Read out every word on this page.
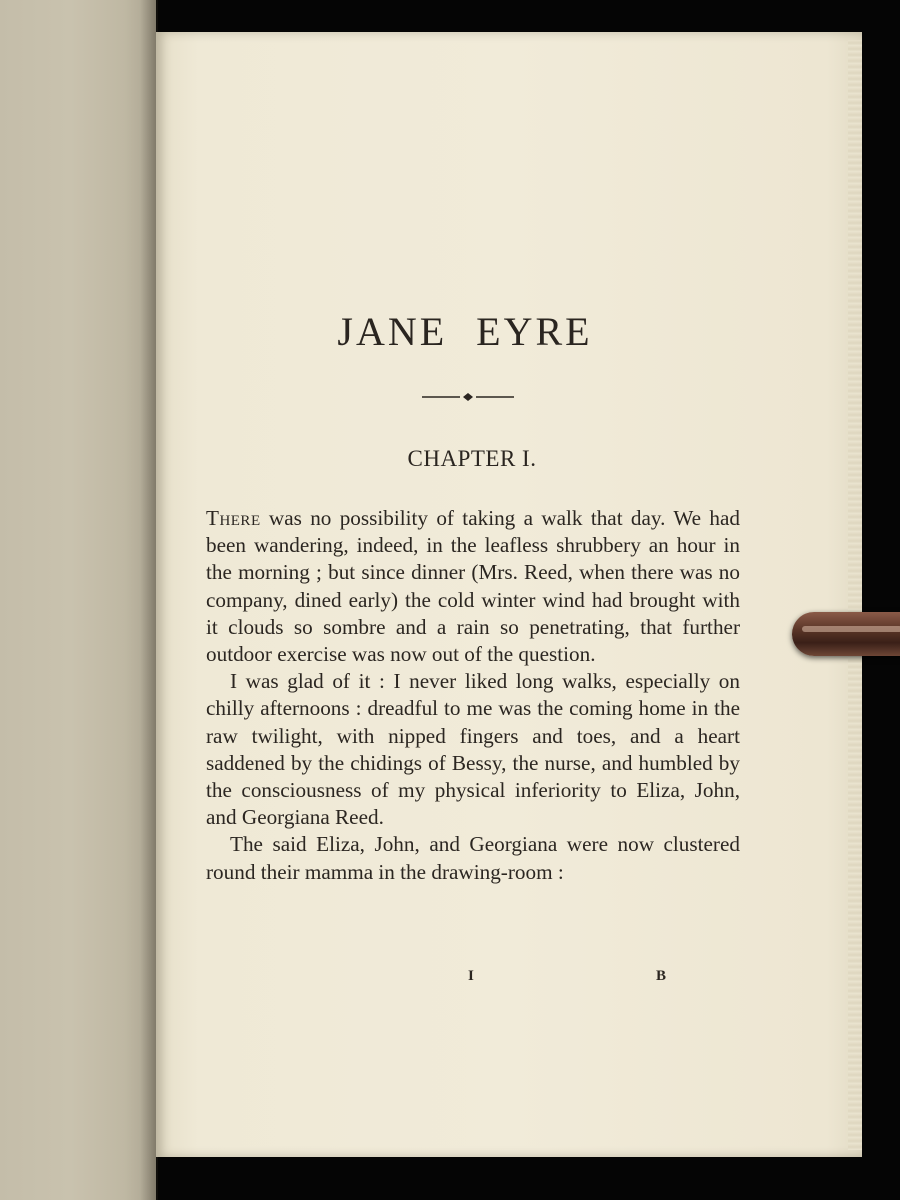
JANE EYRE
CHAPTER I.

There was no possibility of taking a walk that day. We had been wandering, indeed, in the leafless shrubbery an hour in the morning ; but since dinner (Mrs. Reed, when there was no company, dined early) the cold winter wind had brought with it clouds so sombre and a rain so penetrating, that further outdoor exercise was now out of the question.

I was glad of it : I never liked long walks, especially on chilly afternoons : dreadful to me was the coming home in the raw twilight, with nipped fingers and toes, and a heart saddened by the chidings of Bessy, the nurse, and humbled by the consciousness of my physical inferiority to Eliza, John, and Georgiana Reed.

The said Eliza, John, and Georgiana were now clustered round their mamma in the drawing-room :

I	B
